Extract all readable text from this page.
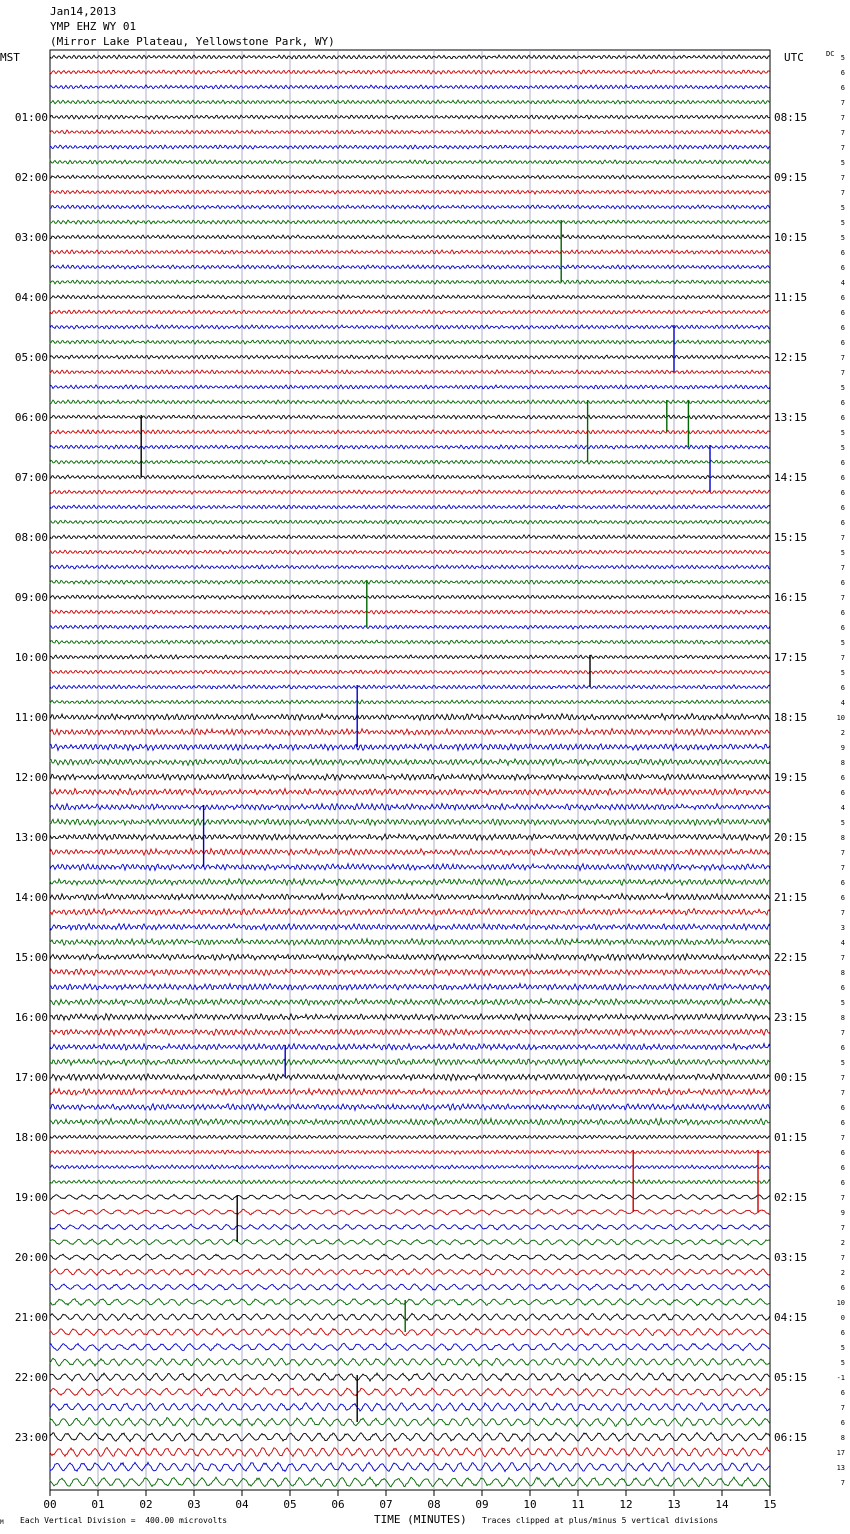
Jan14,2013
YMP EHZ WY 01
(Mirror Lake Plateau, Yellowstone Park, WY)
MST	UTC	DC
00	01	02	03	04	05	06	07	08	09	10	11	12	13	14	15
5
6
6
7
7
7
7
5
7
7
5
5
5
6
6
4
6
6
6
6
7
7
5
6
6
5
5
6
6
6
6
6
7
5
7
6
7
6
6
5
7
5
6
4
10
2
9
8
6
6
4
5
8
7
7
6
6
7
3
4
7
8
6
5
8
7
6
5
7
7
6
6
7
6
6
6
7
9
7
2
7
2
6
10
0
6
5
5
-1
6
7
6
8
17
13
7
01:00
02:00
03:00
04:00
05:00
06:00
07:00
08:00
09:00
10:00
11:00
12:00
13:00
14:00
15:00
16:00
17:00
18:00
19:00
20:00
21:00
22:00
23:00
08:15
09:15
10:15
11:15
12:15
13:15
14:15
15:15
16:15
17:15
18:15
19:15
20:15
21:15
22:15
23:15
00:15
01:15
02:15
03:15
04:15
05:15
06:15
TIME (MINUTES)
M Each Vertical Division =  400.00 microvolts	Traces clipped at plus/minus 5 vertical divisions
